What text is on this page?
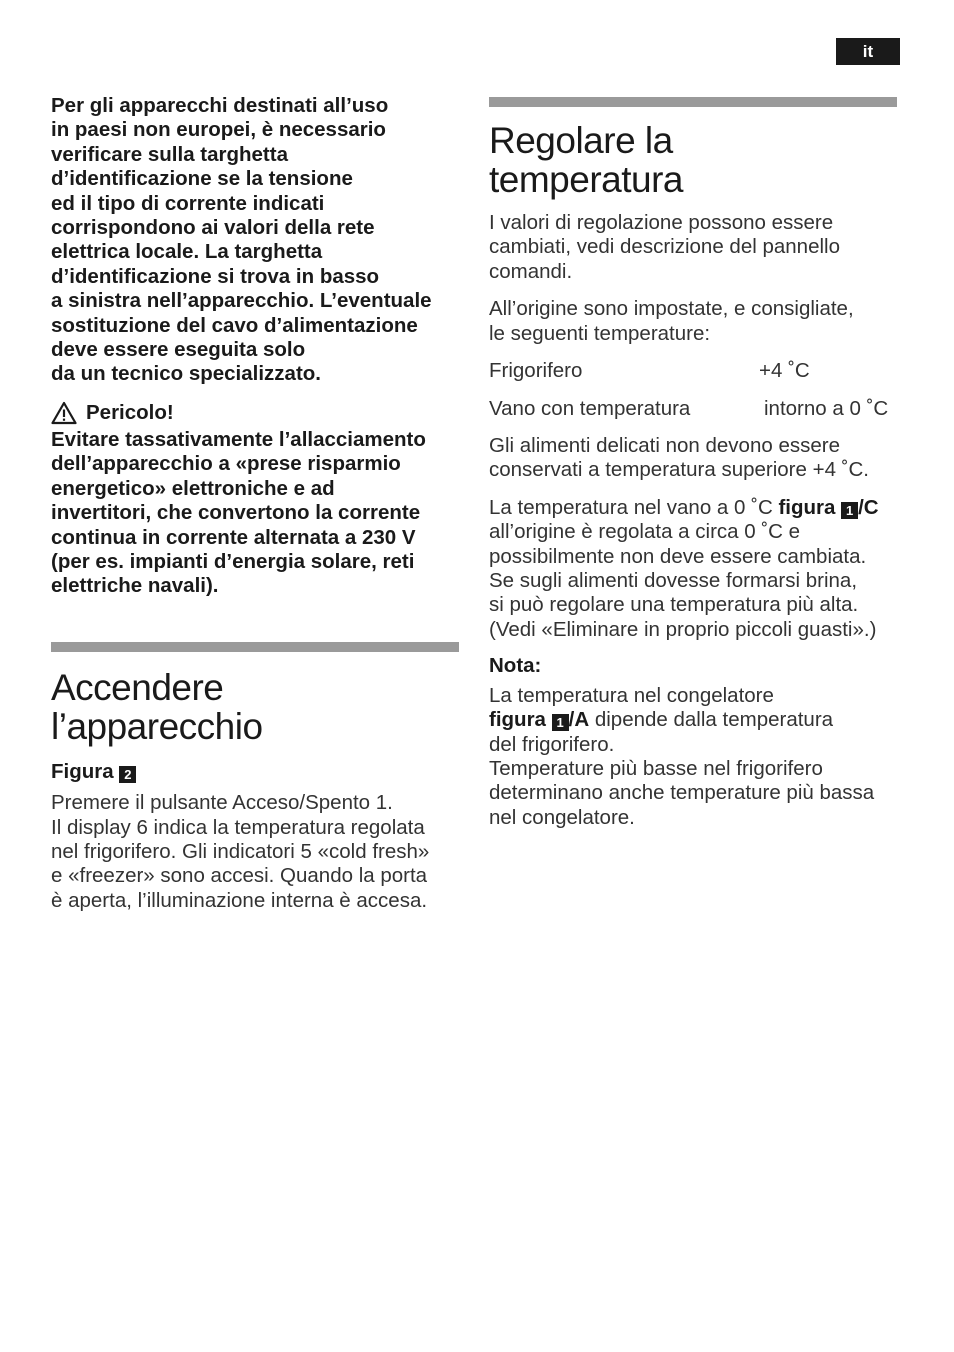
it
Per gli apparecchi destinati all’uso
in paesi non europei, è necessario
verificare sulla targhetta
d’identificazione se la tensione
ed il tipo di corrente indicati
corrispondono ai valori della rete
elettrica locale. La targhetta
d’identificazione si trova in basso
a sinistra nell’apparecchio. L’eventuale
sostituzione del cavo d’alimentazione
deve essere eseguita solo
da un tecnico specializzato.
Pericolo!
Evitare tassativamente l’allacciamento
dell’apparecchio a «prese risparmio
energetico» elettroniche e ad
invertitori, che convertono la corrente
continua in corrente alternata a 230 V
(per es. impianti d’energia solare, reti
elettriche navali).
Accendere
l’apparecchio
Figura 2
Premere il pulsante Acceso/Spento 1.
Il display 6 indica la temperatura regolata
nel frigorifero. Gli indicatori 5 «cold fresh»
e «freezer» sono accesi. Quando la porta
è aperta, l’illuminazione interna è accesa.
Regolare la
temperatura
I valori di regolazione possono essere
cambiati, vedi descrizione del pannello
comandi.
All’origine sono impostate, e consigliate,
le seguenti temperature:
Frigorifero	+4 ˚C
Vano con temperatura	intorno a 0 ˚C
Gli alimenti delicati non devono essere
conservati a temperatura superiore +4 ˚C.
La temperatura nel vano a 0 ˚C figura 1 /C
all’origine è regolata a circa 0 ˚C e
possibilmente non deve essere cambiata.
Se sugli alimenti dovesse formarsi brina,
si può regolare una temperatura più alta.
(Vedi «Eliminare in proprio piccoli guasti».)
Nota:
La temperatura nel congelatore
figura 1 /A dipende dalla temperatura
del frigorifero.
Temperature più basse nel frigorifero
determinano anche temperature più bassa
nel congelatore.
